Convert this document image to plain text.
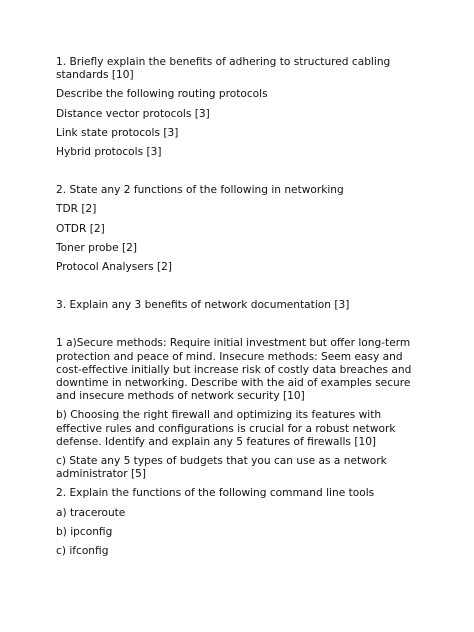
1. Briefly explain the benefits of adhering to structured cabling standards [10]

Describe the following routing protocols

Distance vector protocols [3]

Link state protocols [3]

Hybrid protocols [3]

2. State any 2 functions of the following in networking

TDR [2]

OTDR [2]

Toner probe [2]

Protocol Analysers [2]

3. Explain any 3 benefits of network documentation [3]

1 a)Secure methods: Require initial investment but offer long-term protection and peace of mind. Insecure methods: Seem easy and cost-effective initially but increase risk of costly data breaches and downtime in networking. Describe with the aid of examples secure and insecure methods of network security [10]

b) Choosing the right firewall and optimizing its features with effective rules and configurations is crucial for a robust network defense. Identify and explain any 5 features of firewalls [10]

c) State any 5 types of budgets that you can use as a network administrator [5]

2. Explain the functions of the following command line tools

a) traceroute

b) ipconfig

c) ifconfig
